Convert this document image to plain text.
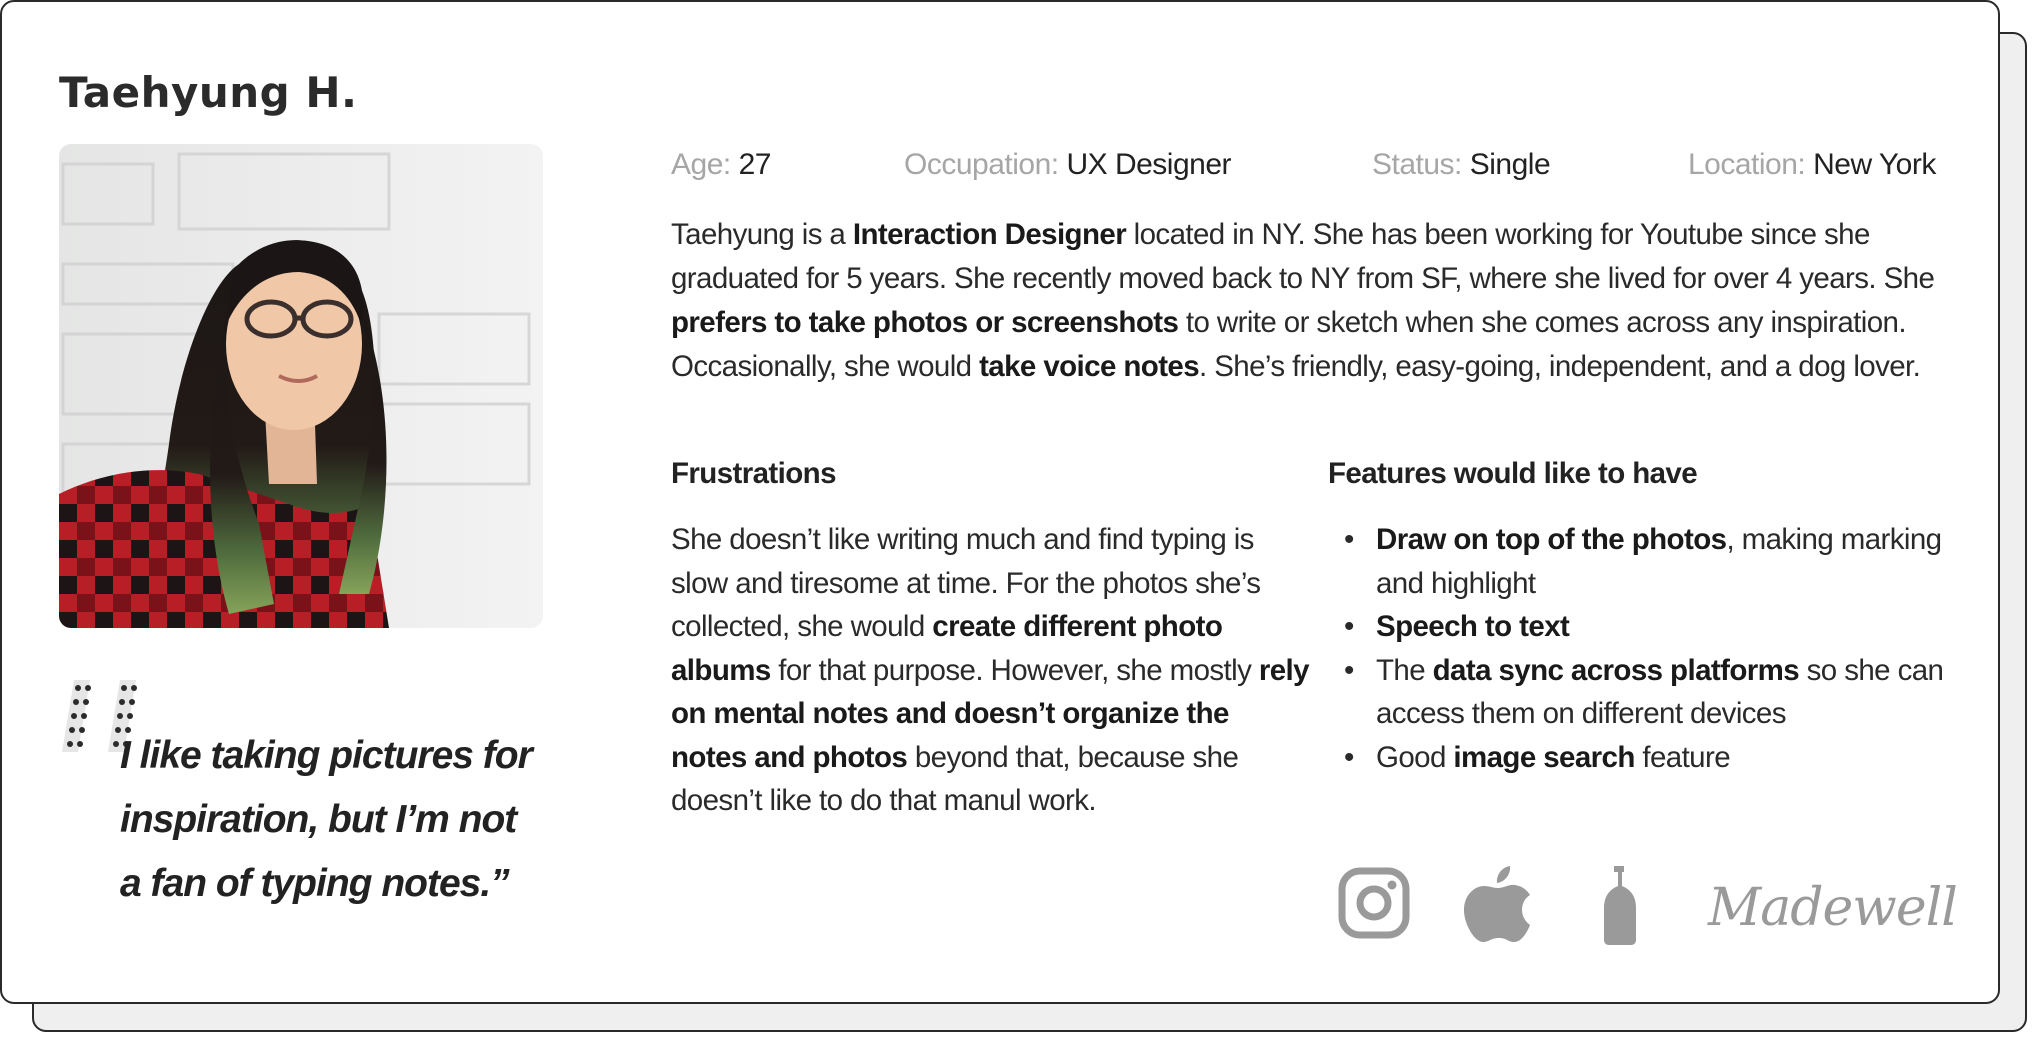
Taehyung H.
I like taking pictures for
inspiration, but I’m not
a fan of typing notes.”
Age: 27	Occupation: UX Designer	Status: Single	Location: New York
Taehyung is a Interaction Designer located in NY. She has been working for Youtube since she graduated for 5 years. She recently moved back to NY from SF, where she lived for over 4 years. She prefers to take photos or screenshots to write or sketch when she comes across any inspiration. Occasionally, she would take voice notes. She’s friendly, easy-going, independent, and a dog lover.
Frustrations
She doesn’t like writing much and find typing is slow and tiresome at time. For the photos she’s collected, she would create different photo albums for that purpose. However, she mostly rely on mental notes and doesn’t organize the notes and photos beyond that, because she doesn’t like to do that manul work.
Features would like to have
• Draw on top of the photos, making marking and highlight
• Speech to text
• The data sync across platforms so she can access them on different devices
• Good image search feature
Madewell
